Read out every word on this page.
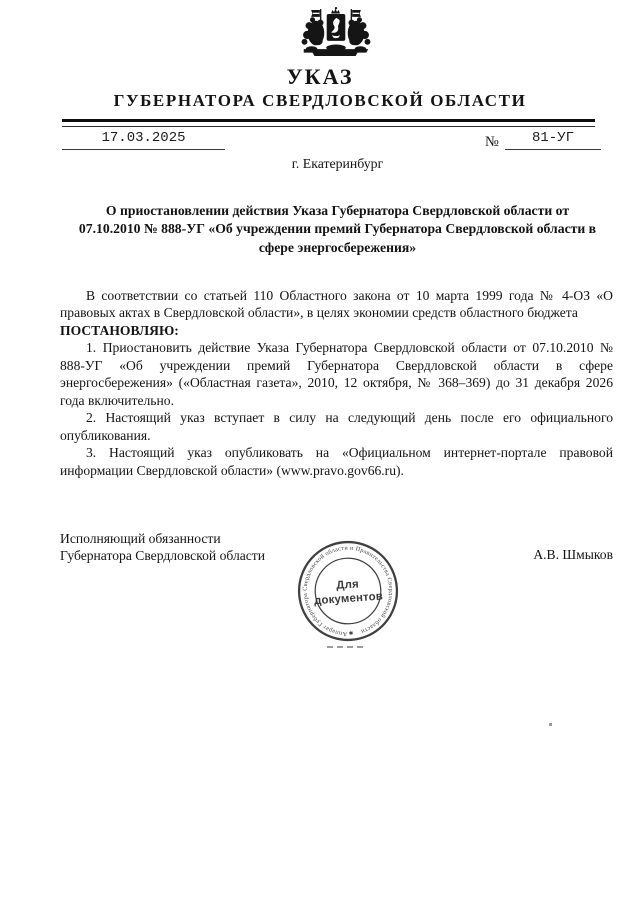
УКАЗ
ГУБЕРНАТОРА СВЕРДЛОВСКОЙ ОБЛАСТИ
17.03.2025	№	81-УГ
г. Екатеринбург
О приостановлении действия Указа Губернатора Свердловской области от 07.10.2010 № 888-УГ «Об учреждении премий Губернатора Свердловской области в сфере энергосбережения»

В соответствии со статьей 110 Областного закона от 10 марта 1999 года № 4-ОЗ «О правовых актах в Свердловской области», в целях экономии средств областного бюджета

ПОСТАНОВЛЯЮ:

1. Приостановить действие Указа Губернатора Свердловской области от 07.10.2010 № 888-УГ «Об учреждении премий Губернатора Свердловской области в сфере энергосбережения» («Областная газета», 2010, 12 октября, № 368–369) до 31 декабря 2026 года включительно.

2. Настоящий указ вступает в силу на следующий день после его официального опубликования.

3. Настоящий указ опубликовать на «Официальном интернет-портале правовой информации Свердловской области» (www.pravo.gov66.ru).

Исполняющий обязанности
Губернатора Свердловской области	А.В. Шмыков
Аппарат Губернатора Свердловской области и Правительства Свердловской области
Для
документов
✱
